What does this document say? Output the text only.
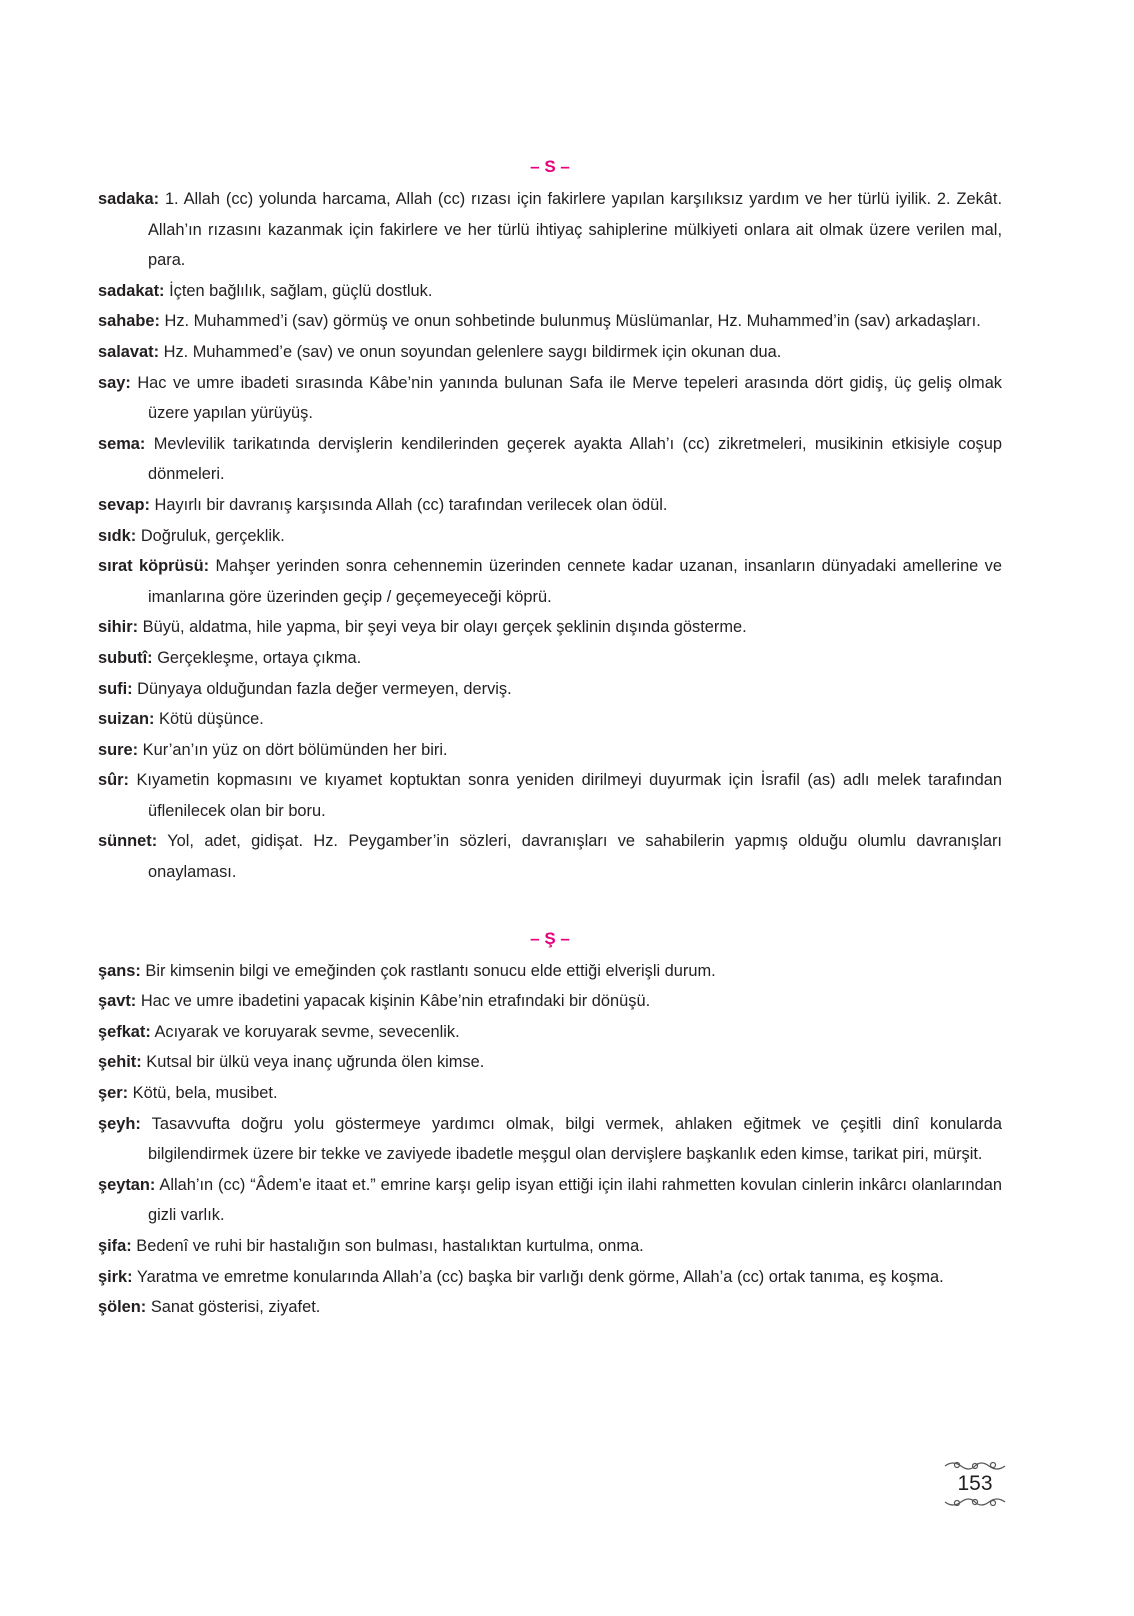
– S –

sadaka: 1. Allah (cc) yolunda harcama, Allah (cc) rızası için fakirlere yapılan karşılıksız yardım ve her türlü iyilik. 2. Zekât. Allah’ın rızasını kazanmak için fakirlere ve her türlü ihtiyaç sahiplerine mülkiyeti onlara ait olmak üzere verilen mal, para.

sadakat: İçten bağlılık, sağlam, güçlü dostluk.

sahabe: Hz. Muhammed’i (sav) görmüş ve onun sohbetinde bulunmuş Müslümanlar, Hz. Muhammed’in (sav) arkadaşları.

salavat: Hz. Muhammed’e (sav) ve onun soyundan gelenlere saygı bildirmek için okunan dua.

say: Hac ve umre ibadeti sırasında Kâbe’nin yanında bulunan Safa ile Merve tepeleri arasında dört gidiş, üç geliş olmak üzere yapılan yürüyüş.

sema: Mevlevilik tarikatında dervişlerin kendilerinden geçerek ayakta Allah’ı (cc) zikretmeleri, musikinin etkisiyle coşup dönmeleri.

sevap: Hayırlı bir davranış karşısında Allah (cc) tarafından verilecek olan ödül.

sıdk: Doğruluk, gerçeklik.

sırat köprüsü: Mahşer yerinden sonra cehennemin üzerinden cennete kadar uzanan, insanların dünyadaki amellerine ve imanlarına göre üzerinden geçip / geçemeyeceği köprü.

sihir: Büyü, aldatma, hile yapma, bir şeyi veya bir olayı gerçek şeklinin dışında gösterme.

subutî: Gerçekleşme, ortaya çıkma.

sufi: Dünyaya olduğundan fazla değer vermeyen, derviş.

suizan: Kötü düşünce.

sure: Kur’an’ın yüz on dört bölümünden her biri.

sûr: Kıyametin kopmasını ve kıyamet koptuktan sonra yeniden dirilmeyi duyurmak için İsrafil (as) adlı melek tarafından üflenilecek olan bir boru.

sünnet: Yol, adet, gidişat. Hz. Peygamber’in sözleri, davranışları ve sahabilerin yapmış olduğu olumlu davranışları onaylaması.

– Ş –

şans: Bir kimsenin bilgi ve emeğinden çok rastlantı sonucu elde ettiği elverişli durum.

şavt: Hac ve umre ibadetini yapacak kişinin Kâbe’nin etrafındaki bir dönüşü.

şefkat: Acıyarak ve koruyarak sevme, sevecenlik.

şehit: Kutsal bir ülkü veya inanç uğrunda ölen kimse.

şer: Kötü, bela, musibet.

şeyh: Tasavvufta doğru yolu göstermeye yardımcı olmak, bilgi vermek, ahlaken eğitmek ve çeşitli dinî konularda bilgilendirmek üzere bir tekke ve zaviyede ibadetle meşgul olan dervişlere başkanlık eden kimse, tarikat piri, mürşit.

şeytan: Allah’ın (cc) “Âdem’e itaat et.” emrine karşı gelip isyan ettiği için ilahi rahmetten kovulan cinlerin inkârcı olanlarından gizli varlık.

şifa: Bedenî ve ruhi bir hastalığın son bulması, hastalıktan kurtulma, onma.

şirk: Yaratma ve emretme konularında Allah’a (cc) başka bir varlığı denk görme, Allah’a (cc) ortak tanıma, eş koşma.

şölen: Sanat gösterisi, ziyafet.

153
